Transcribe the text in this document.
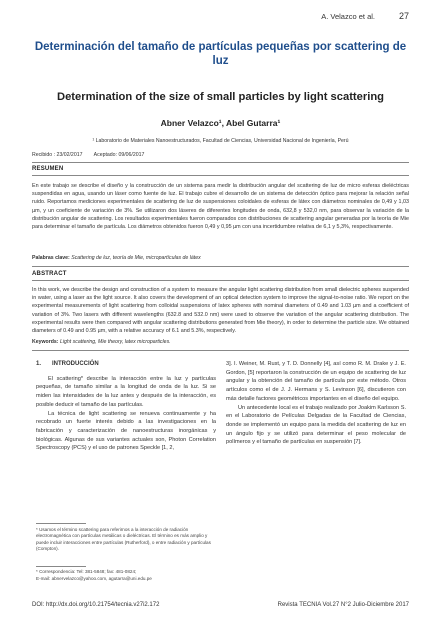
A. Velazco et al.	27
Determinación del tamaño de partículas pequeñas por scattering de luz
Determination of the size of small particles by light scattering
Abner Velazco¹, Abel Gutarra¹
¹ Laboratorio de Materiales Nanoestructurados, Facultad de Ciencias, Universidad Nacional de Ingeniería, Perú
Recibido : 23/02/2017 Aceptado: 09/06/2017
RESUMEN
En este trabajo se describe el diseño y la construcción de un sistema para medir la distribución angular del scattering de luz de micro esferas dieléctricas suspendidas en agua, usando un láser como fuente de luz. El trabajo cubre el desarrollo de un sistema de detección óptico para mejorar la relación señal ruido. Reportamos mediciones experimentales de scattering de luz de suspensiones coloidales de esferas de látex con diámetros nominales de 0,49 y 1,03 µm, y un coeficiente de variación de 3%. Se utilizaron dos láseres de diferentes longitudes de onda, 632,8 y 532,0 nm, para observar la variación de la distribución angular de scattering. Los resultados experimentales fueron comparados con distribuciones de scattering angular generadas por la teoría de Mie para determinar el tamaño de partícula. Los diámetros obtenidos fueron 0,49 y 0,95 µm con una incertidumbre relativa de 6,1 y 5,3%, respectivamente.
Palabras clave: Scattering de luz, teoría de Mie, micropartículas de látex
ABSTRACT
In this work, we describe the design and construction of a system to measure the angular light scattering distribution from small dielectric spheres suspended in water, using a laser as the light source. It also covers the development of an optical detection system to improve the signal-to-noise ratio. We report on the experimental measurements of light scattering from colloidal suspensions of latex spheres with nominal diameters of 0.49 and 1.03 µm and a coefficient of variation of 3%. Two lasers with different wavelengths (632.8 and 532.0 nm) were used to observe the variation of the angular scattering distribution. The experimental results were then compared with angular scattering distributions generated from Mie theory), in order to determine the particle size. We obtained diameters of 0.49 and 0.95 µm, with a relative accuracy of 6.1 and 5.3%, respectively.
Keywords: Light scattering, Mie theory, latex microparticles.
1. INTRODUCCIÓN

El scattering* describe la interacción entre la luz y partículas pequeñas, de tamaño similar a la longitud de onda de la luz. Si se miden las intensidades de la luz antes y después de la interacción, es posible deducir el tamaño de las partículas.

La técnica de light scattering se renueva continuamente y ha recobrado un fuerte interés debido a las investigaciones en la fabricación y caracterización de nanoestructuras inorgánicas y biológicas. Algunas de sus variantes actuales son, Photon Correlation Spectroscopy (PCS) y el uso de patrones Speckle [1, 2,

3]. I. Weiner, M. Rust, y T. D. Donnelly [4], así como R. M. Drake y J. E. Gordon, [5] reportaron la construcción de un equipo de scattering de luz angular y la obtención del tamaño de partícula por este método. Otros artículos como el de J. J. Hermans y S. Levinson [6], discutieron con más detalle factores geométricos importantes en el diseño del equipo.

Un antecedente local es el trabajo realizado por Joakim Karlsson S. en el Laboratorio de Películas Delgadas de la Facultad de Ciencias, donde se implementó un equipo para la medida del scattering de luz en un ángulo fijo y se utilizó para determinar el peso molecular de polímeros y el tamaño de partículas en suspensión [7].

* Usamos el término scattering para referirnos a la interacción de radiación electromagnética con partículas metálicas o dieléctricas. El término es más amplio y puede incluir interacciones entre partículas (Rutherford), o entre radiación y partículas (Compton).
* Correspondencia: Tel: 381-5848; fax: 481-0824;
E-mail: abnervelazco@yahoo.com, agutarra@uni.edu.pe
DOI: http://dx.doi.org/10.21754/tecnia.v27i2.172	Revista TECNIA Vol.27 N°2 Julio-Diciembre 2017
